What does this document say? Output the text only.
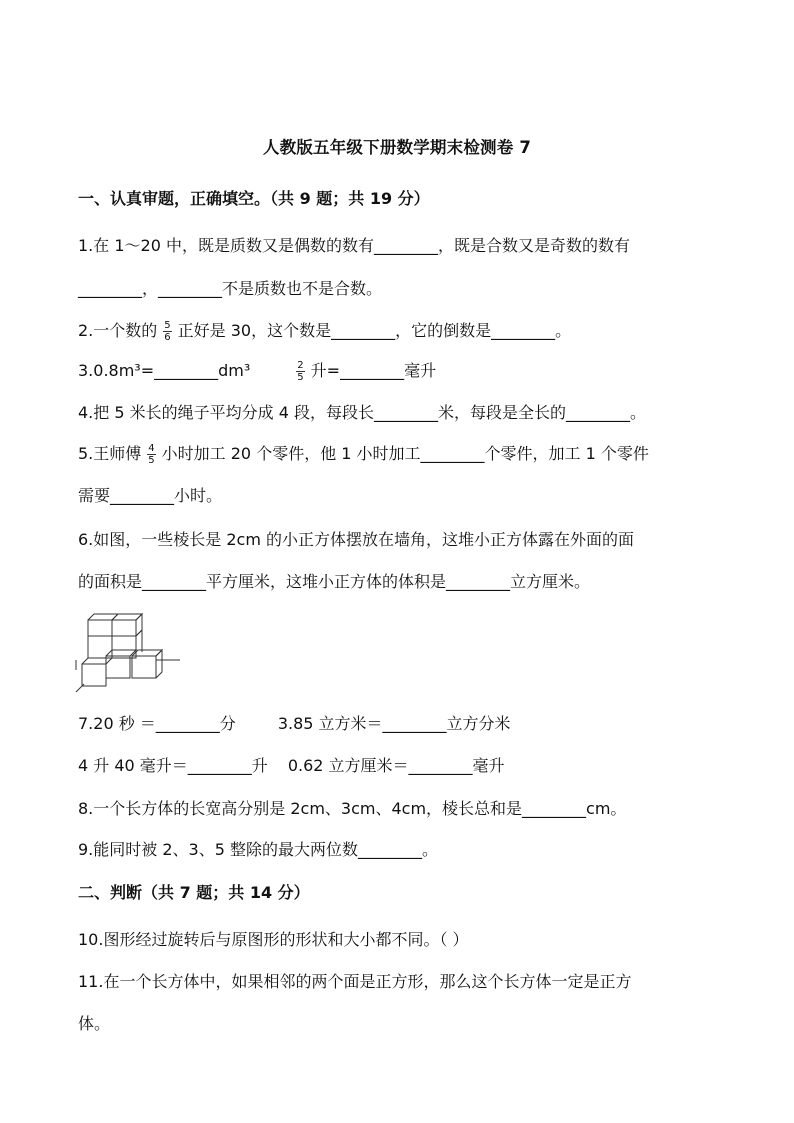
人教版五年级下册数学期末检测卷 7
一、认真审题，正确填空。（共 9 题；共 19 分）
1.在 1～20 中，既是质数又是偶数的数有________，既是合数又是奇数的数有
________，________不是质数也不是合数。
2.一个数的 $\frac{5}{6}$ 正好是 30，这个数是________，它的倒数是________。
3.0.8m³=________dm³	$\frac{2}{5}$ 升=________毫升
4.把 5 米长的绳子平均分成 4 段，每段长________米，每段是全长的________。
5.王师傅 $\frac{4}{5}$ 小时加工 20 个零件，他 1 小时加工________个零件，加工 1 个零件
需要________小时。
6.如图，一些棱长是 2cm 的小正方体摆放在墙角，这堆小正方体露在外面的面
的面积是________平方厘米，这堆小正方体的体积是________立方厘米。
7.20 秒 ＝________分	3.85 立方米＝________立方分米
4 升 40 毫升＝________升 0.62 立方厘米＝________毫升
8.一个长方体的长宽高分别是 2cm、3cm、4cm，棱长总和是________cm。
9.能同时被 2、3、5 整除的最大两位数________。
二、判断（共 7 题；共 14 分）
10.图形经过旋转后与原图形的形状和大小都不同。（ ）
11.在一个长方体中，如果相邻的两个面是正方形，那么这个长方体一定是正方
体。
